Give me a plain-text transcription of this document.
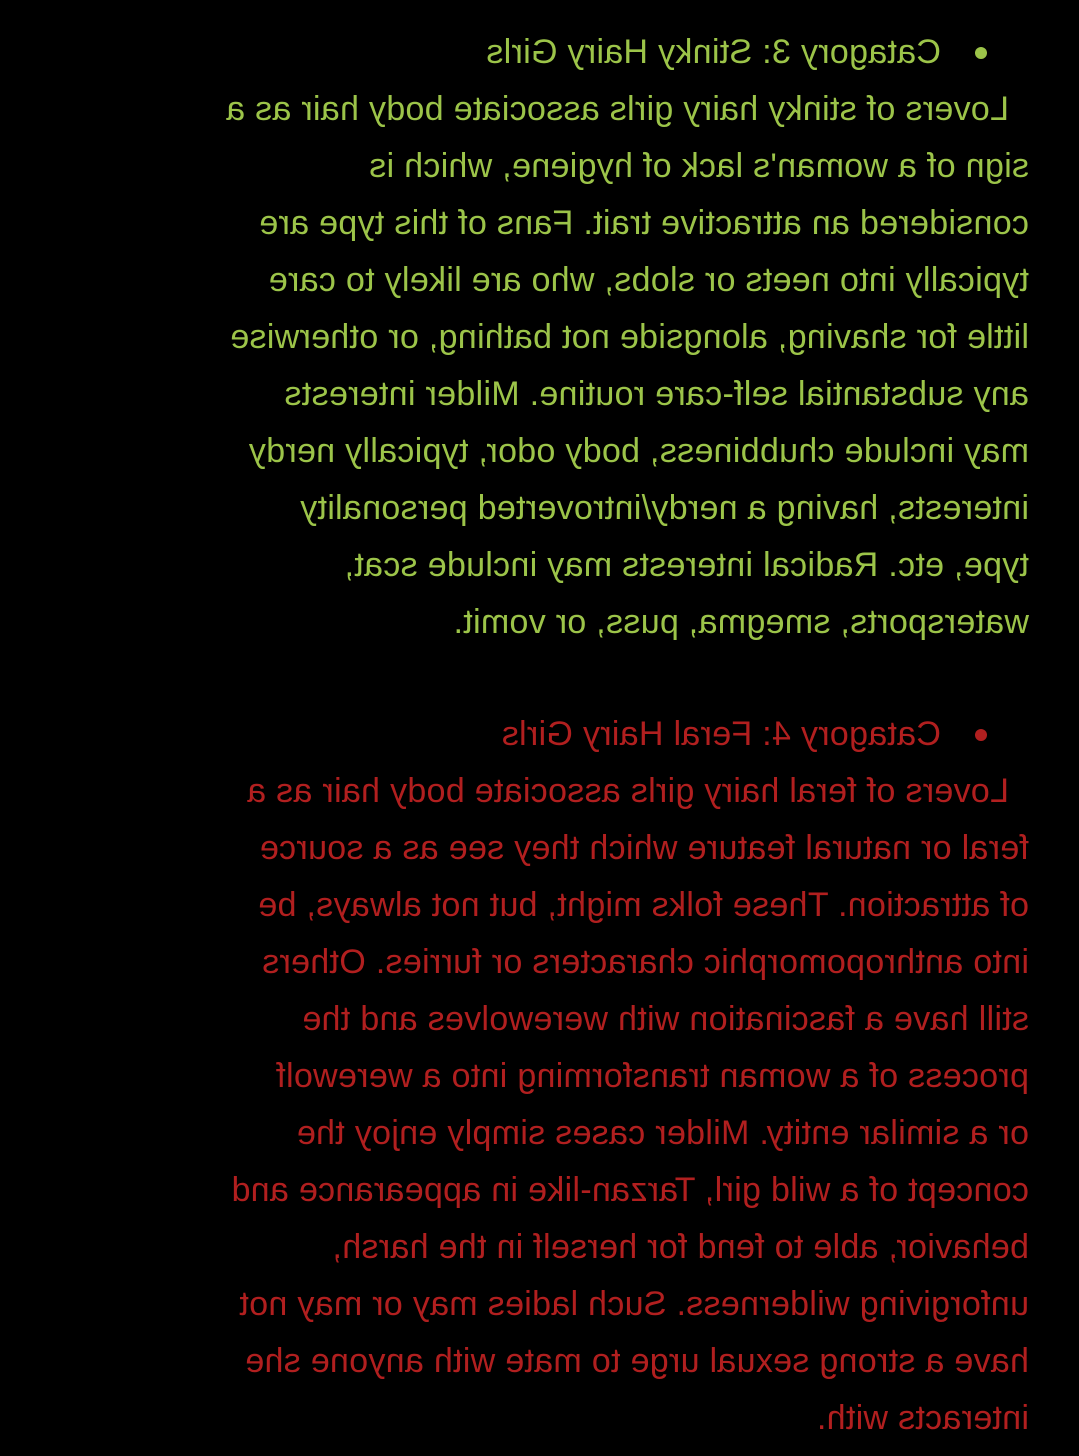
Catagory 3: Stinky Hairy Girls
Lovers of stinky hairy girls associate body hair as a
sign of a woman's lack of hygiene, which is
considered an attractive trait. Fans of this type are
typically into neets or slobs, who are likely to care
little for shaving, alongside not bathing, or otherwise
any substantial self-care routine. Milder interests
may include chubbiness, body odor, typically nerdy
interests, having a nerdy/introverted personality
type, etc. Radical interests may include scat,
watersports, smegma, puss, or vomit.
Catagory 4: Feral Hairy Girls
Lovers of feral hairy girls associate body hair as a
feral or natural feature which they see as a source
of attraction. These folks might, but not always, be
into anthropomorphic characters or furries. Others
still have a fascination with werewolves and the
process of a woman transforming into a werewolf
or a similar entity. Milder cases simply enjoy the
concept of a wild girl, Tarzan-like in appearance and
behavior, able to fend for herself in the harsh,
unforgiving wilderness. Such ladies may or may not
have a strong sexual urge to mate with anyone she
interacts with.
